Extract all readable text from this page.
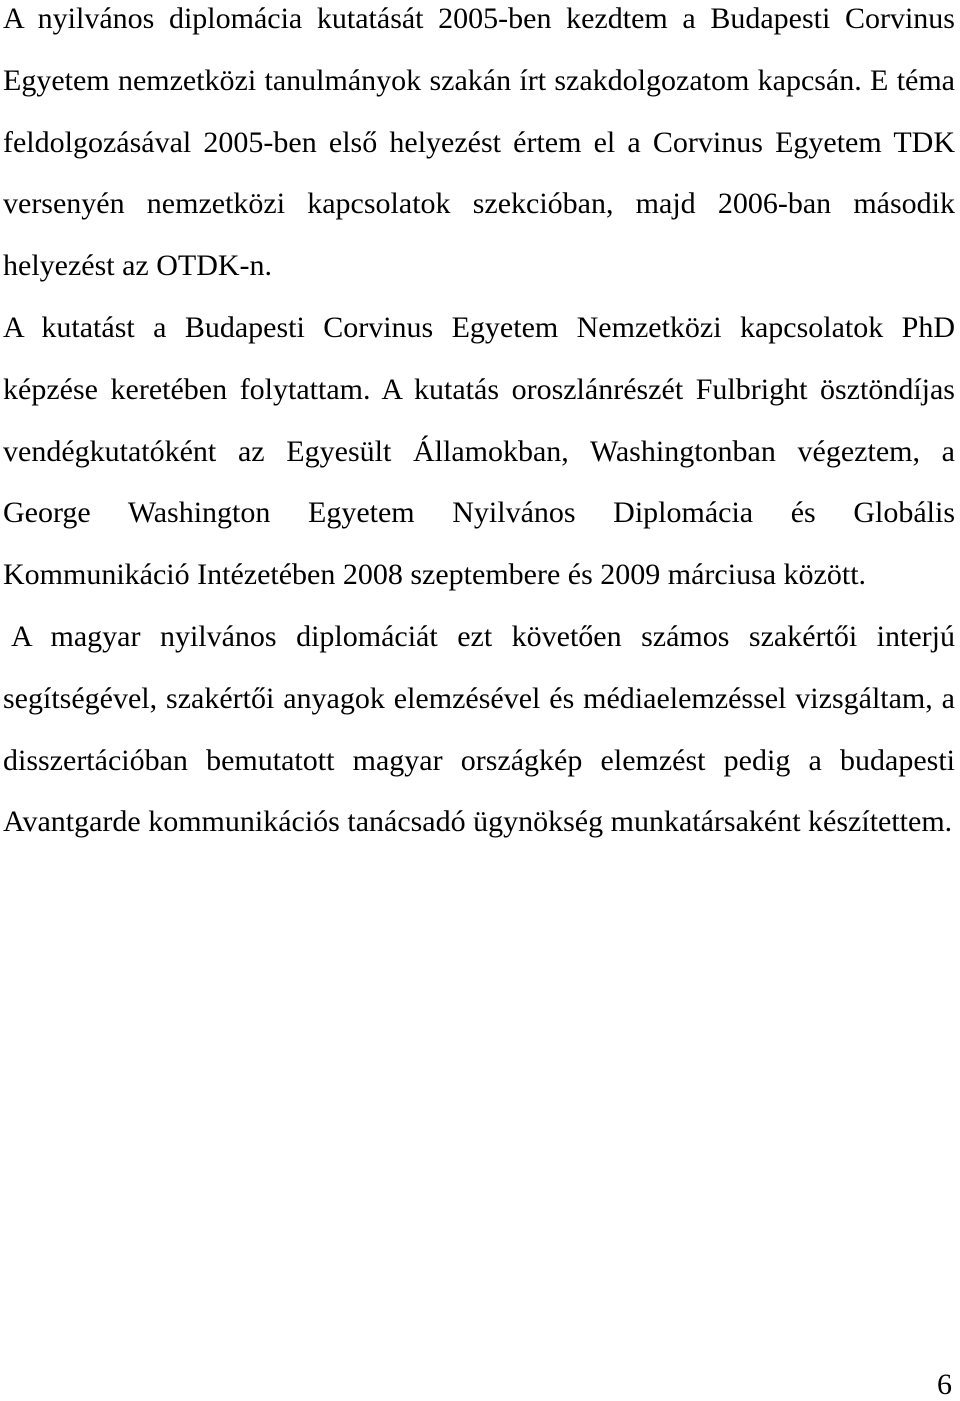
A nyilvános diplomácia kutatását 2005-ben kezdtem a Budapesti Corvinus Egyetem nemzetközi tanulmányok szakán írt szakdolgozatom kapcsán. E téma feldolgozásával 2005-ben első helyezést értem el a Corvinus Egyetem TDK versenyén nemzetközi kapcsolatok szekcióban, majd 2006-ban második helyezést az OTDK-n.

A kutatást a Budapesti Corvinus Egyetem Nemzetközi kapcsolatok PhD képzése keretében folytattam. A kutatás oroszlánrészét Fulbright ösztöndíjas vendégkutatóként az Egyesült Államokban, Washingtonban végeztem, a George Washington Egyetem Nyilvános Diplomácia és Globális Kommunikáció Intézetében 2008 szeptembere és 2009 márciusa között.

A magyar nyilvános diplomáciát ezt követően számos szakértői interjú segítségével, szakértői anyagok elemzésével és médiaelemzéssel vizsgáltam, a disszertációban bemutatott magyar országkép elemzést pedig a budapesti Avantgarde kommunikációs tanácsadó ügynökség munkatársaként készítettem.

6
